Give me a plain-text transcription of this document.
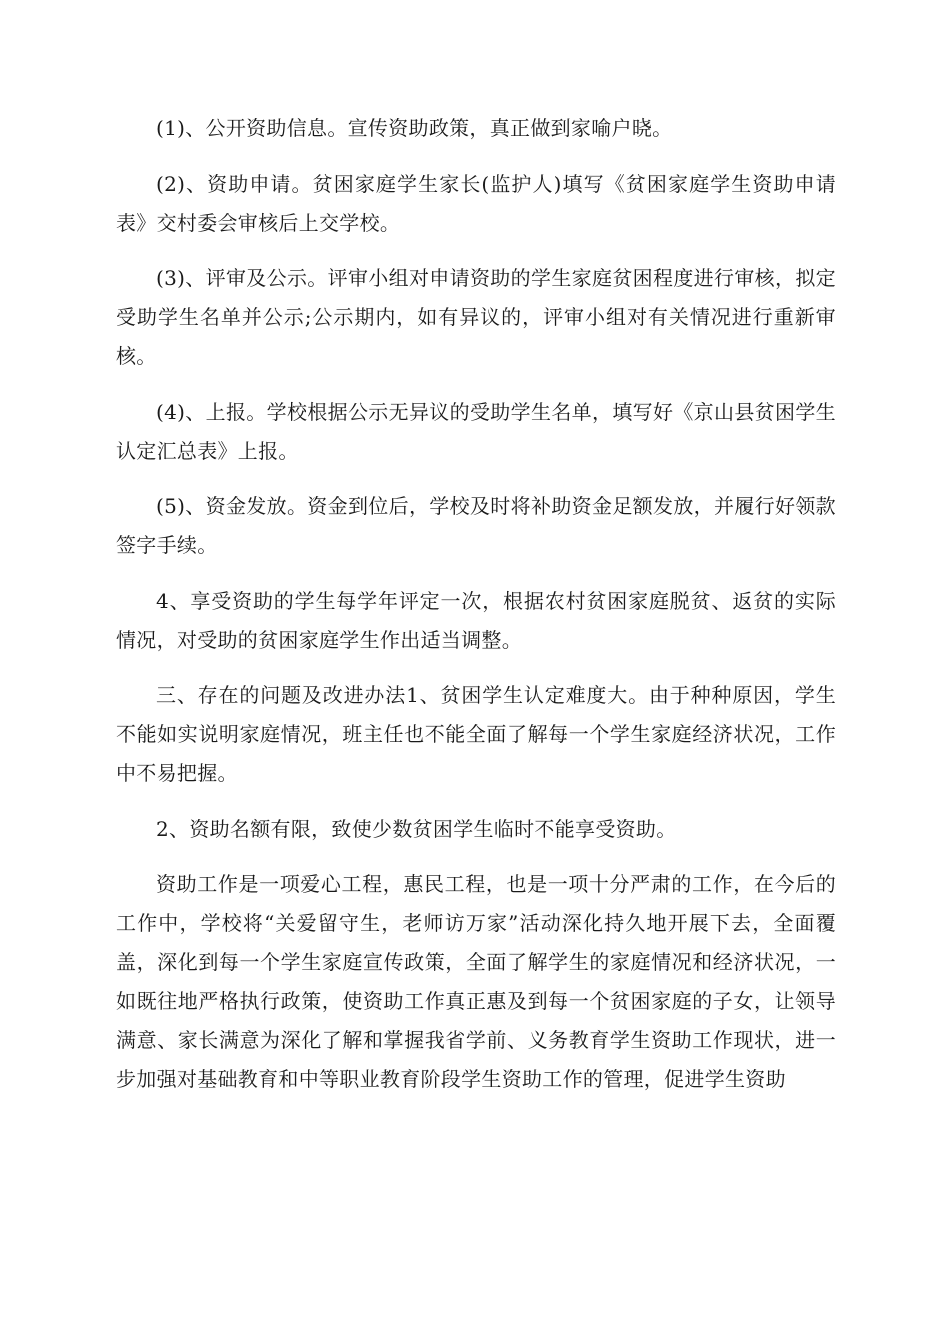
(1)、公开资助信息。宣传资助政策，真正做到家喻户晓。

(2)、资助申请。贫困家庭学生家长(监护人)填写《贫困家庭学生资助申请表》交村委会审核后上交学校。

(3)、评审及公示。评审小组对申请资助的学生家庭贫困程度进行审核，拟定受助学生名单并公示;公示期内，如有异议的，评审小组对有关情况进行重新审核。

(4)、上报。学校根据公示无异议的受助学生名单，填写好《京山县贫困学生认定汇总表》上报。

(5)、资金发放。资金到位后，学校及时将补助资金足额发放，并履行好领款签字手续。

4、享受资助的学生每学年评定一次，根据农村贫困家庭脱贫、返贫的实际情况，对受助的贫困家庭学生作出适当调整。

三、存在的问题及改进办法1、贫困学生认定难度大。由于种种原因，学生不能如实说明家庭情况，班主任也不能全面了解每一个学生家庭经济状况，工作中不易把握。

2、资助名额有限，致使少数贫困学生临时不能享受资助。

资助工作是一项爱心工程，惠民工程，也是一项十分严肃的工作，在今后的工作中，学校将“关爱留守生，老师访万家”活动深化持久地开展下去，全面覆盖，深化到每一个学生家庭宣传政策，全面了解学生的家庭情况和经济状况，一如既往地严格执行政策，使资助工作真正惠及到每一个贫困家庭的子女，让领导满意、家长满意为深化了解和掌握我省学前、义务教育学生资助工作现状，进一步加强对基础教育和中等职业教育阶段学生资助工作的管理，促进学生资助
